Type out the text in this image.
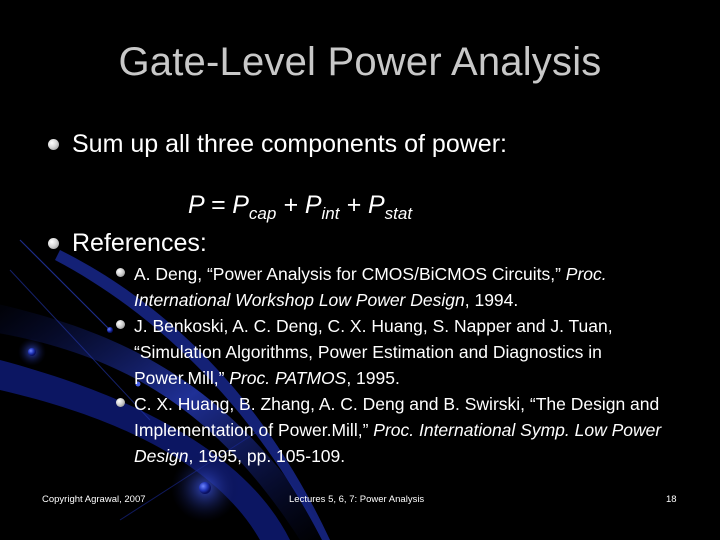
Gate-Level Power Analysis
Sum up all three components of power:
$P = P_{cap} + P_{int} + P_{stat}$
References:
A. Deng, “Power Analysis for CMOS/BiCMOS Circuits,” Proc. International Workshop Low Power Design, 1994.
J. Benkoski, A. C. Deng, C. X. Huang, S. Napper and J. Tuan, “Simulation Algorithms, Power Estimation and Diagnostics in Power.Mill,” Proc. PATMOS, 1995.
C. X. Huang, B. Zhang, A. C. Deng and B. Swirski, “The Design and Implementation of Power.Mill,” Proc. International Symp. Low Power Design, 1995, pp. 105-109.
Copyright Agrawal, 2007	Lectures 5, 6, 7: Power Analysis	18
